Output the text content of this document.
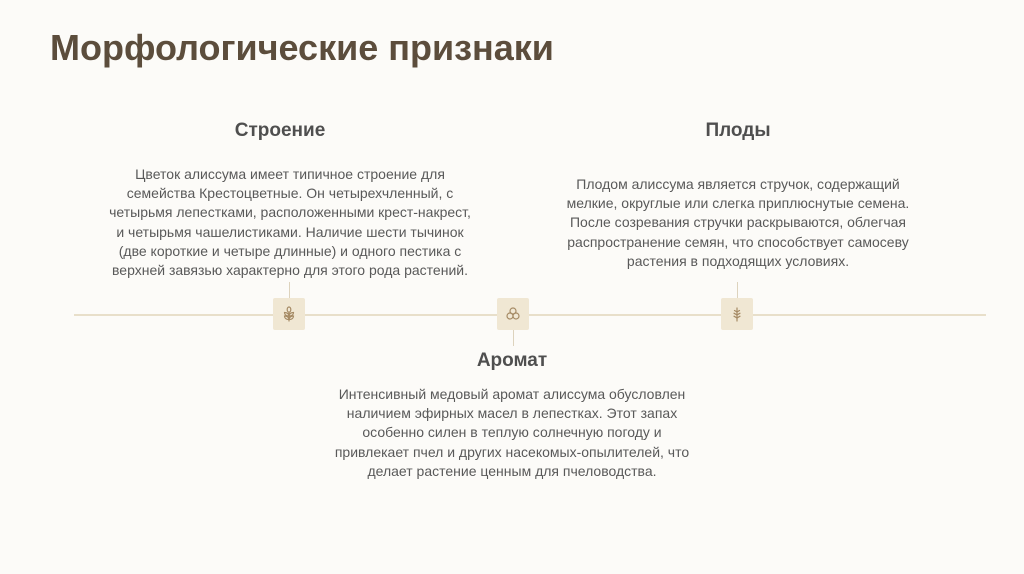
Морфологические признаки
Строение
Цветок алиссума имеет типичное строение для
семейства Крестоцветные. Он четырехчленный, с
четырьмя лепестками, расположенными крест-накрест,
и четырьмя чашелистиками. Наличие шести тычинок
(две короткие и четыре длинные) и одного пестика с
верхней завязью характерно для этого рода растений.
Аромат
Интенсивный медовый аромат алиссума обусловлен
наличием эфирных масел в лепестках. Этот запах
особенно силен в теплую солнечную погоду и
привлекает пчел и других насекомых-опылителей, что
делает растение ценным для пчеловодства.
Плоды
Плодом алиссума является стручок, содержащий
мелкие, округлые или слегка приплюснутые семена.
После созревания стручки раскрываются, облегчая
распространение семян, что способствует самосеву
растения в подходящих условиях.
